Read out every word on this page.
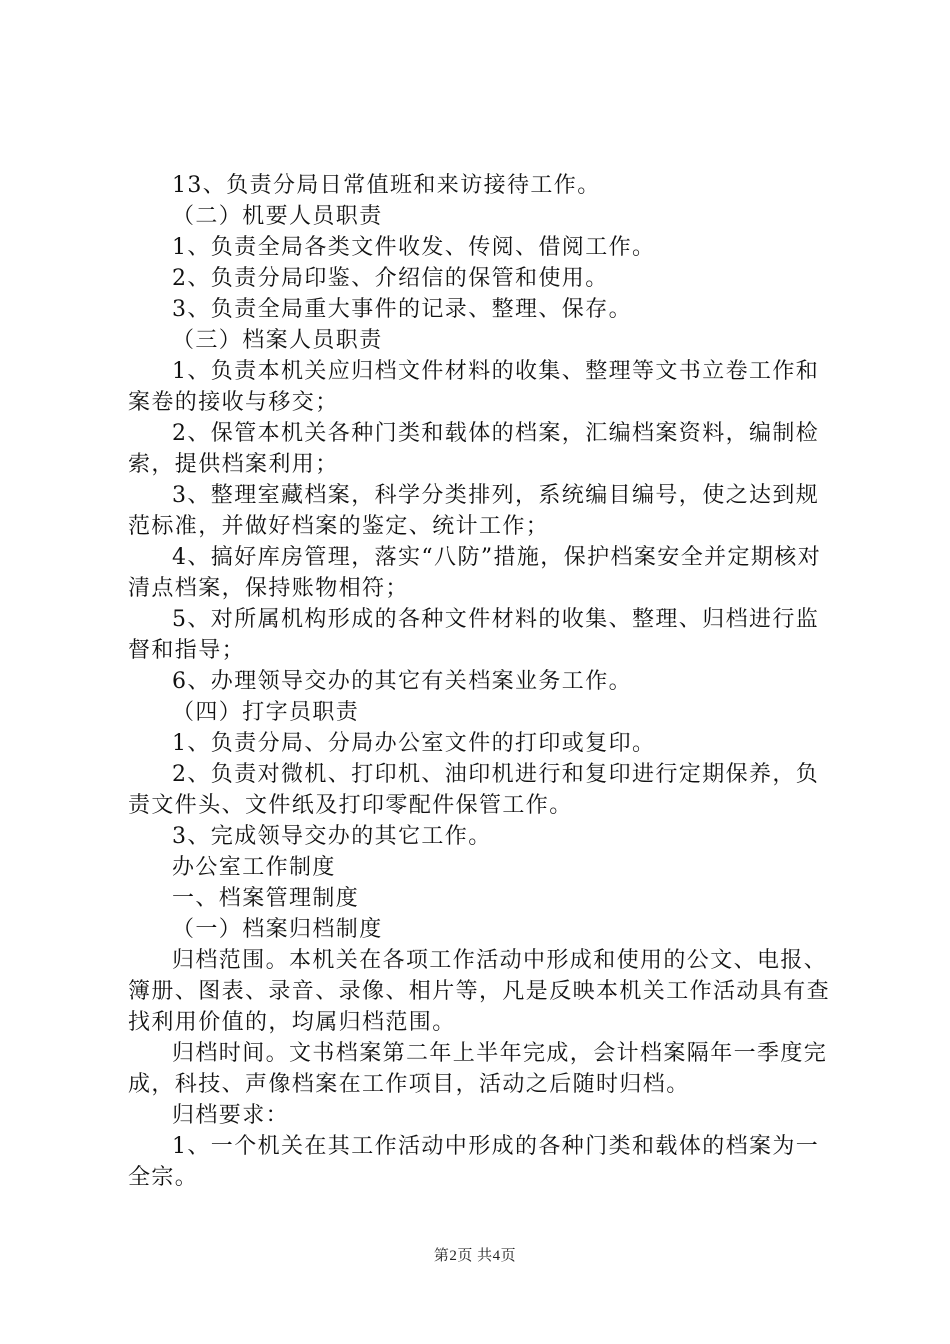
13、负责分局日常值班和来访接待工作。

（二）机要人员职责

1、负责全局各类文件收发、传阅、借阅工作。

2、负责分局印鉴、介绍信的保管和使用。

3、负责全局重大事件的记录、整理、保存。

（三）档案人员职责

1、负责本机关应归档文件材料的收集、整理等文书立卷工作和案卷的接收与移交；

2、保管本机关各种门类和载体的档案，汇编档案资料，编制检索，提供档案利用；

3、整理室藏档案，科学分类排列，系统编目编号，使之达到规范标准，并做好档案的鉴定、统计工作；

4、搞好库房管理，落实“八防”措施，保护档案安全并定期核对清点档案，保持账物相符；

5、对所属机构形成的各种文件材料的收集、整理、归档进行监督和指导；

6、办理领导交办的其它有关档案业务工作。

（四）打字员职责

1、负责分局、分局办公室文件的打印或复印。

2、负责对微机、打印机、油印机进行和复印进行定期保养，负责文件头、文件纸及打印零配件保管工作。

3、完成领导交办的其它工作。

办公室工作制度

一、档案管理制度

（一）档案归档制度

归档范围。本机关在各项工作活动中形成和使用的公文、电报、簿册、图表、录音、录像、相片等，凡是反映本机关工作活动具有查找利用价值的，均属归档范围。

归档时间。文书档案第二年上半年完成，会计档案隔年一季度完成，科技、声像档案在工作项目，活动之后随时归档。

归档要求：

1、一个机关在其工作活动中形成的各种门类和载体的档案为一全宗。

第2页 共4页
